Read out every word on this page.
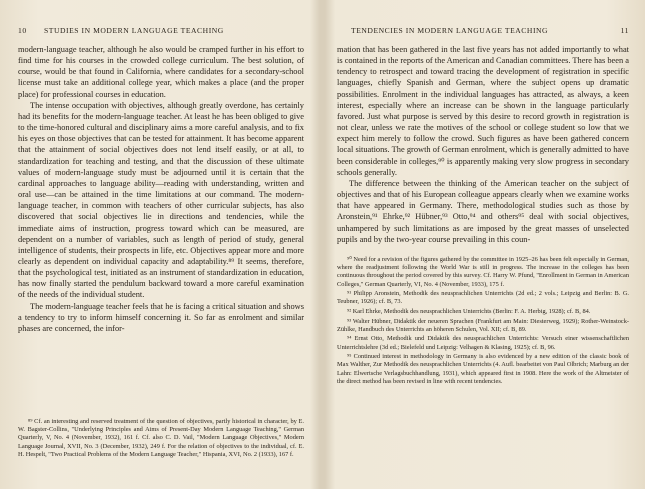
10 STUDIES IN MODERN LANGUAGE TEACHING

modern-language teacher, although he also would be cramped further in his effort to find time for his courses in the crowded college curriculum. The best solution, of course, would be that found in California, where candidates for a secondary-school license must take an additional college year, which makes a place (and the proper place) for professional courses in education.

The intense occupation with objectives, although greatly overdone, has certainly had its benefits for the modern-language teacher. At least he has been obliged to give to the time-honored cultural and disciplinary aims a more careful analysis, and to fix his eyes on those objectives that can be tested for attainment. It has become apparent that the attainment of social objectives does not lend itself easily, or at all, to standardization for teaching and testing, and that the discussion of these ultimate values of modern-language study must be adjourned until it is certain that the cardinal approaches to language ability—reading with understanding, written and oral use—can be attained in the time limitations at our command. The modern-language teacher, in common with teachers of other curricular subjects, has also discovered that social objectives lie in directions and tendencies, while the immediate aims of instruction, progress toward which can be measured, are dependent on a number of variables, such as length of period of study, general intelligence of students, their prospects in life, etc. Objectives appear more and more clearly as dependent on individual capacity and adaptability.⁸⁹ It seems, therefore, that the psychological test, initiated as an instrument of standardization in education, has now finally started the pendulum backward toward a more careful examination of the needs of the individual student.

The modern-language teacher feels that he is facing a critical situation and shows a tendency to try to inform himself concerning it. So far as enrolment and similar phases are concerned, the infor-

⁸⁹ Cf. an interesting and reserved treatment of the question of objectives, partly historical in character, by E. W. Bagster-Collins, "Underlying Principles and Aims of Present-Day Modern Language Teaching," German Quarterly, V, No. 4 (November, 1932), 161 f. Cf. also C. D. Vail, "Modern Language Objectives," Modern Language Journal, XVII, No. 3 (December, 1932), 249 f. For the relation of objectives to the individual, cf. E. H. Hespelt, "Two Practical Problems of the Modern Language Teacher," Hispania, XVI, No. 2 (1933), 167 f.

TENDENCIES IN MODERN LANGUAGE TEACHING	11

mation that has been gathered in the last five years has not added importantly to what is contained in the reports of the American and Canadian committees. There has been a tendency to retrospect and toward tracing the development of registration in specific languages, chiefly Spanish and German, where the subject opens up dramatic possibilities. Enrolment in the individual languages has attracted, as always, a keen interest, especially where an increase can be shown in the language particularly favored. Just what purpose is served by this desire to record growth in registration is not clear, unless we rate the motives of the school or college student so low that we expect him merely to follow the crowd. Such figures as have been gathered concern local situations. The growth of German enrolment, which is generally admitted to have been considerable in colleges,⁹⁰ is apparently making very slow progress in secondary schools generally.

The difference between the thinking of the American teacher on the subject of objectives and that of his European colleague appears clearly when we examine works that have appeared in Germany. There, methodological studies such as those by Aronstein,⁹¹ Ehrke,⁹² Hübner,⁹³ Otto,⁹⁴ and others⁹⁵ deal with social objectives, unhampered by such limitations as are imposed by the great masses of unselected pupils and by the two-year course prevailing in this coun-

⁹⁰ Need for a revision of the figures gathered by the committee in 1925–26 has been felt especially in German, where the readjustment following the World War is still in progress. The increase in the colleges has been continuous throughout the period covered by this survey. Cf. Harry W. Pfund, "Enrollment in German in American Colleges," German Quarterly, VI, No. 4 (November, 1933), 175 f.

⁹¹ Philipp Aronstein, Methodik des neusprachlichen Unterrichts (2d ed.; 2 vols.; Leipzig and Berlin: B. G. Teubner, 1926); cf. B, 73.

⁹² Karl Ehrke, Methodik des neusprachlichen Unterrichts (Berlin: F. A. Herbig, 1928); cf. B, 84.

⁹³ Walter Hübner, Didaktik der neueren Sprachen (Frankfurt am Main: Diesterweg, 1929); Rother-Weinstock-Zühlke, Handbuch des Unterrichts an höheren Schulen, Vol. XII; cf. B, 89.

⁹⁴ Ernst Otto, Methodik und Didaktik des neusprachlichen Unterrichts: Versuch einer wissenschaftlichen Unterrichtslehre (3d ed.; Bielefeld und Leipzig: Velhagen & Klasing, 1925); cf. B, 96.

⁹⁵ Continued interest in methodology in Germany is also evidenced by a new edition of the classic book of Max Walther, Zur Methodik des neusprachlichen Unterrichts (4. Aufl. bearbeitet von Paul Olbrich; Marburg an der Lahn: Elwertsche Verlagsbuchhandlung, 1931), which appeared first in 1908. Here the work of the Altmeister of the direct method has been revised in line with recent tendencies.
